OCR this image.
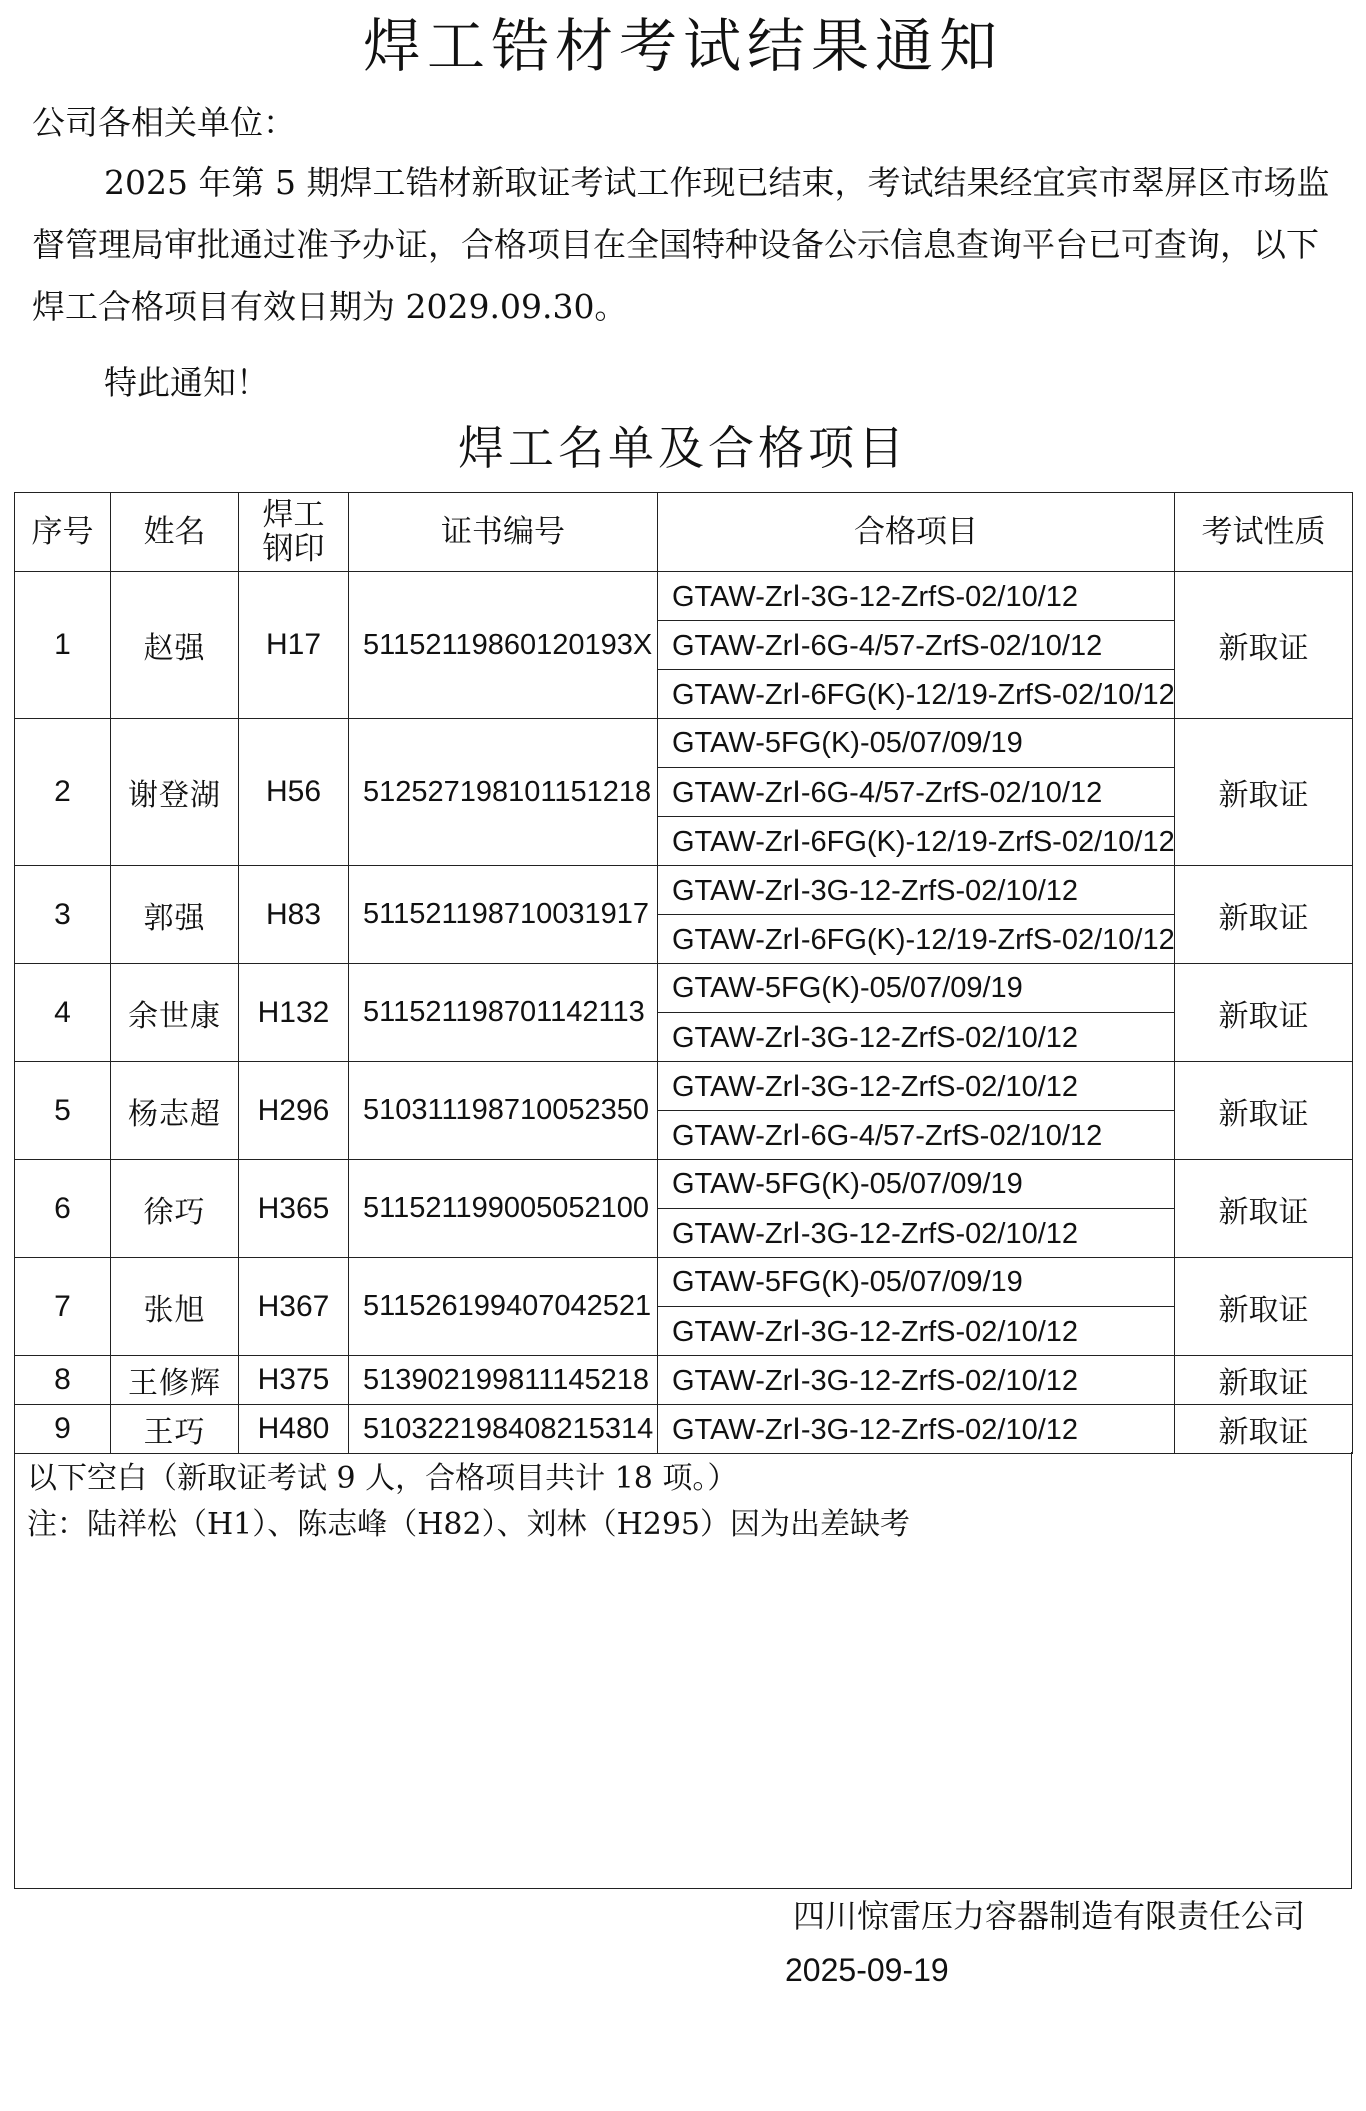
焊工锆材考试结果通知
公司各相关单位：
2025 年第 5 期焊工锆材新取证考试工作现已结束，考试结果经宜宾市翠屏区市场监督管理局审批通过准予办证，合格项目在全国特种设备公示信息查询平台已可查询，以下焊工合格项目有效日期为 2029.09.30。
特此通知！
焊工名单及合格项目
序号	姓名	焊工钢印	证书编号	合格项目	考试性质
1	赵强	H17	51152119860120193X	GTAW-ZrⅠ-3G-12-ZrfS-02/10/12	新取证
				GTAW-ZrⅠ-6G-4/57-ZrfS-02/10/12	
				GTAW-ZrⅠ-6FG(K)-12/19-ZrfS-02/10/12	
2	谢登湖	H56	512527198101151218	GTAW-5FG(K)-05/07/09/19	新取证
				GTAW-ZrⅠ-6G-4/57-ZrfS-02/10/12	
				GTAW-ZrⅠ-6FG(K)-12/19-ZrfS-02/10/12	
3	郭强	H83	511521198710031917	GTAW-ZrⅠ-3G-12-ZrfS-02/10/12	新取证
				GTAW-ZrⅠ-6FG(K)-12/19-ZrfS-02/10/12	
4	余世康	H132	511521198701142113	GTAW-5FG(K)-05/07/09/19	新取证
				GTAW-ZrⅠ-3G-12-ZrfS-02/10/12	
5	杨志超	H296	510311198710052350	GTAW-ZrⅠ-3G-12-ZrfS-02/10/12	新取证
				GTAW-ZrⅠ-6G-4/57-ZrfS-02/10/12	
6	徐巧	H365	511521199005052100	GTAW-5FG(K)-05/07/09/19	新取证
				GTAW-ZrⅠ-3G-12-ZrfS-02/10/12	
7	张旭	H367	511526199407042521	GTAW-5FG(K)-05/07/09/19	新取证
				GTAW-ZrⅠ-3G-12-ZrfS-02/10/12	
8	王修辉	H375	513902199811145218	GTAW-ZrⅠ-3G-12-ZrfS-02/10/12	新取证
9	王巧	H480	510322198408215314	GTAW-ZrⅠ-3G-12-ZrfS-02/10/12	新取证
以下空白（新取证考试 9 人，合格项目共计 18 项。）
注：陆祥松（H1）、陈志峰（H82）、刘林（H295）因为出差缺考
四川惊雷压力容器制造有限责任公司
2025-09-19
